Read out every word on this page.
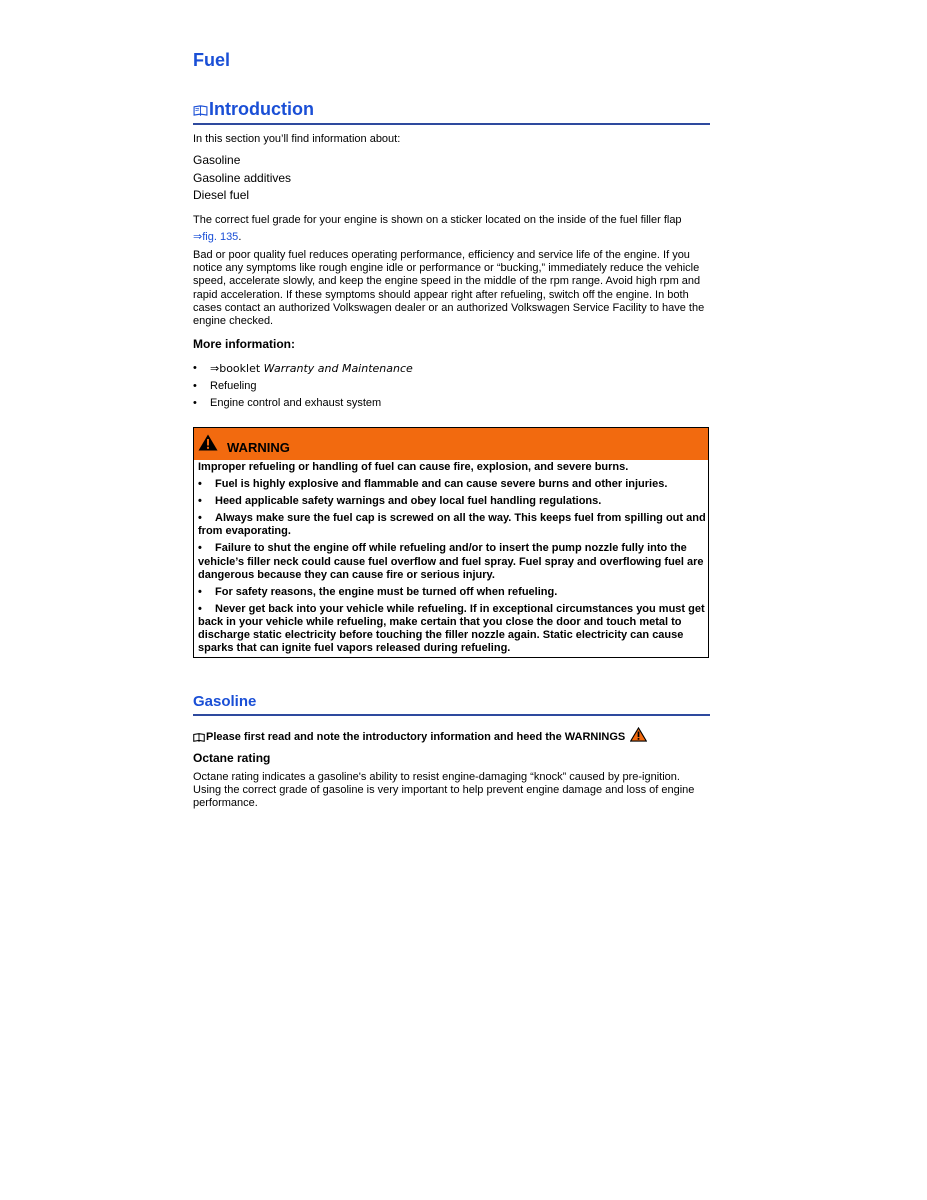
Fuel
Introduction
In this section you’ll find information about:
Gasoline
Gasoline additives
Diesel fuel
The correct fuel grade for your engine is shown on a sticker located on the inside of the fuel filler flap
⇒fig. 135.
Bad or poor quality fuel reduces operating performance, efficiency and service life of the engine. If you notice any symptoms like rough engine idle or performance or “bucking,” immediately reduce the vehicle speed, accelerate slowly, and keep the engine speed in the middle of the rpm range. Avoid high rpm and rapid acceleration. If these symptoms should appear right after refueling, switch off the engine. In both cases contact an authorized Volkswagen dealer or an authorized Volkswagen Service Facility to have the engine checked.
More information:
• ⇒booklet Warranty and Maintenance
• Refueling
• Engine control and exhaust system
WARNING
Improper refueling or handling of fuel can cause fire, explosion, and severe burns.
• Fuel is highly explosive and flammable and can cause severe burns and other injuries.
• Heed applicable safety warnings and obey local fuel handling regulations.
• Always make sure the fuel cap is screwed on all the way. This keeps fuel from spilling out and from evaporating.
• Failure to shut the engine off while refueling and/or to insert the pump nozzle fully into the vehicle’s filler neck could cause fuel overflow and fuel spray. Fuel spray and overflowing fuel are dangerous because they can cause fire or serious injury.
• For safety reasons, the engine must be turned off when refueling.
• Never get back into your vehicle while refueling. If in exceptional circumstances you must get back in your vehicle while refueling, make certain that you close the door and touch metal to discharge static electricity before touching the filler nozzle again. Static electricity can cause sparks that can ignite fuel vapors released during refueling.
Gasoline
Please first read and note the introductory information and heed the WARNINGS
Octane rating
Octane rating indicates a gasoline's ability to resist engine-damaging “knock” caused by pre-ignition. Using the correct grade of gasoline is very important to help prevent engine damage and loss of engine performance.
